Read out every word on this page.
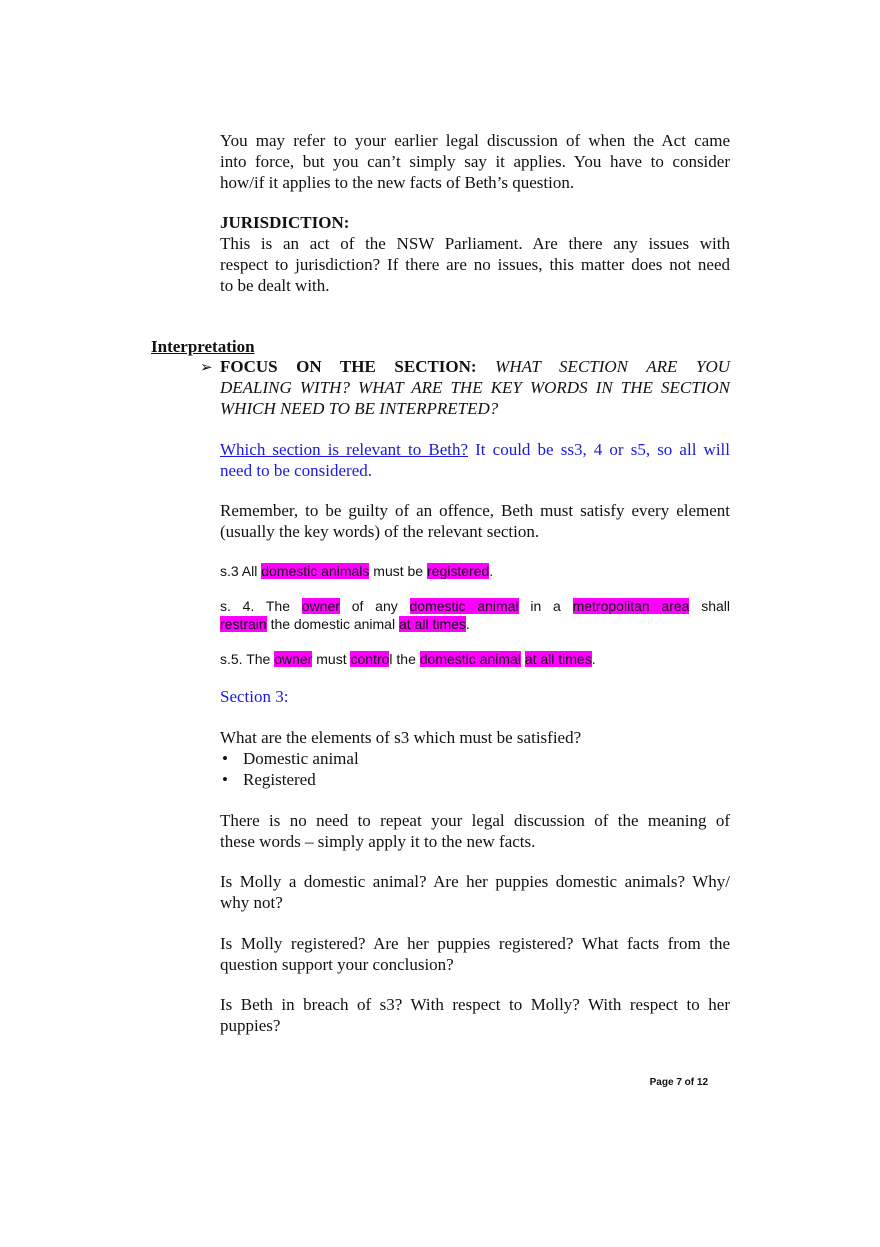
You may refer to your earlier legal discussion of when the Act came

into force, but you can’t simply say it applies. You have to consider

how/if it applies to the new facts of Beth’s question.

JURISDICTION:

This is an act of the NSW Parliament. Are there any issues with

respect to jurisdiction? If there are no issues, this matter does not need

to be dealt with.

Interpretation
➢ FOCUS ON THE SECTION: WHAT SECTION ARE YOU

DEALING WITH? WHAT ARE THE KEY WORDS IN THE SECTION

WHICH NEED TO BE INTERPRETED?

Which section is relevant to Beth? It could be ss3, 4 or s5, so all will

need to be considered.

Remember, to be guilty of an offence, Beth must satisfy every element

(usually the key words) of the relevant section.

s.3 All domestic animals must be registered.

s. 4. The owner of any domestic animal in a metropolitan area shall

restrain the domestic animal at all times.

s.5. The owner must control the domestic animal at all times.
Section 3:

What are the elements of s3 which must be satisfied?

• Domestic animal
• Registered

There is no need to repeat your legal discussion of the meaning of

these words – simply apply it to the new facts.

Is Molly a domestic animal? Are her puppies domestic animals? Why/

why not?

Is Molly registered? Are her puppies registered? What facts from the

question support your conclusion?

Is Beth in breach of s3? With respect to Molly? With respect to her

puppies?

Page 7 of 12
